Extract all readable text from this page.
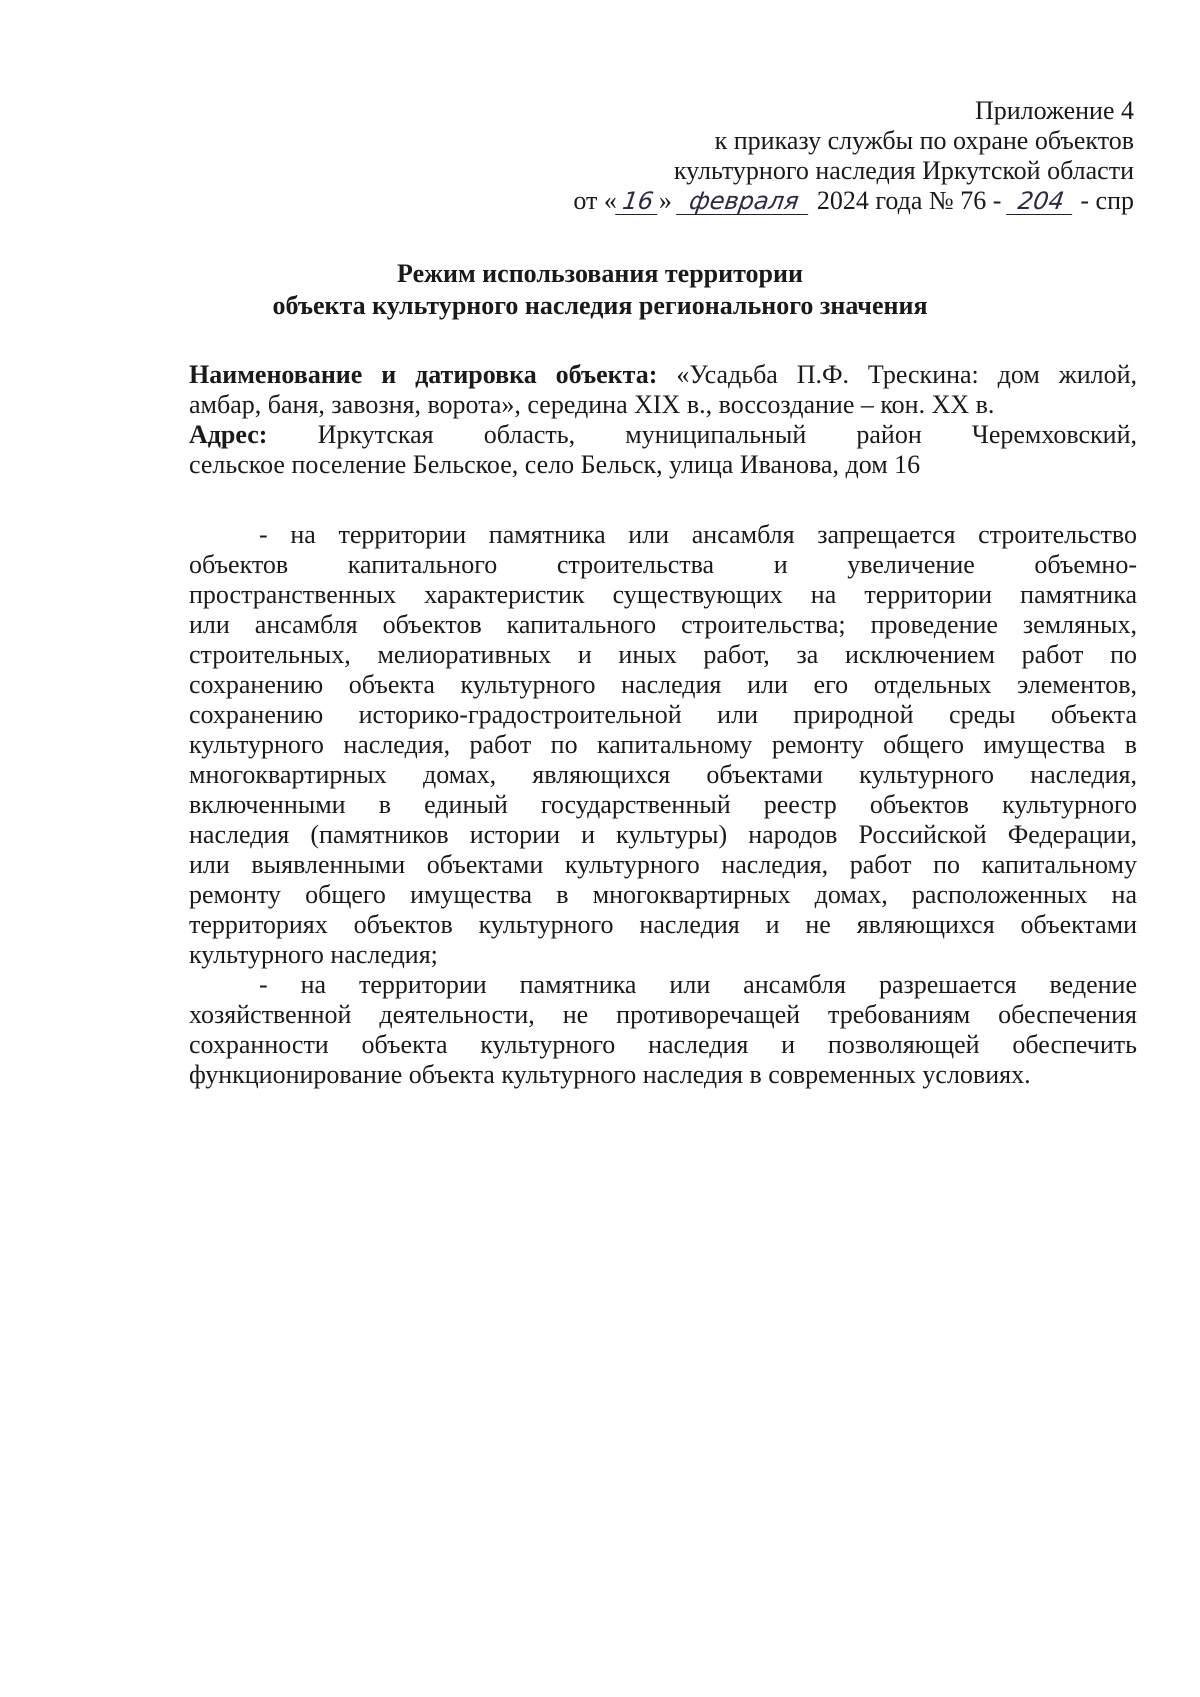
Приложение 4
к приказу службы по охране объектов
культурного наследия Иркутской области
от « 16 » февраля 2024 года № 76 - 204 - спр
Режим использования территории
объекта культурного наследия регионального значения
Наименование и датировка объекта: «Усадьба П.Ф. Трескина: дом жилой,
амбар, баня, завозня, ворота», середина XIX в., воссоздание – кон. XX в.
Адрес: Иркутская область, муниципальный район Черемховский,
сельское поселение Бельское, село Бельск, улица Иванова, дом 16
- на территории памятника или ансамбля запрещается строительство
объектов капитального строительства и увеличение объемно-
пространственных характеристик существующих на территории памятника
или ансамбля объектов капитального строительства; проведение земляных,
строительных, мелиоративных и иных работ, за исключением работ по
сохранению объекта культурного наследия или его отдельных элементов,
сохранению историко-градостроительной или природной среды объекта
культурного наследия, работ по капитальному ремонту общего имущества в
многоквартирных домах, являющихся объектами культурного наследия,
включенными в единый государственный реестр объектов культурного
наследия (памятников истории и культуры) народов Российской Федерации,
или выявленными объектами культурного наследия, работ по капитальному
ремонту общего имущества в многоквартирных домах, расположенных на
территориях объектов культурного наследия и не являющихся объектами
культурного наследия;
- на территории памятника или ансамбля разрешается ведение
хозяйственной деятельности, не противоречащей требованиям обеспечения
сохранности объекта культурного наследия и позволяющей обеспечить
функционирование объекта культурного наследия в современных условиях.
